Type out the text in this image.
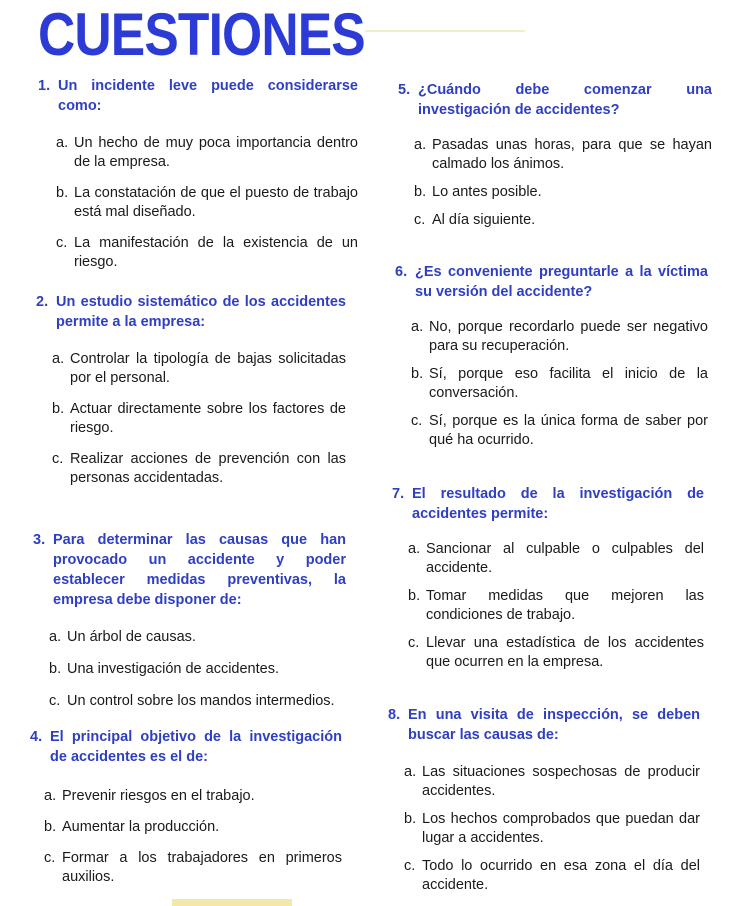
CUESTIONES
1. Un incidente leve puede considerarse como:
a. Un hecho de muy poca importancia dentro de la empresa.
b. La constatación de que el puesto de trabajo está mal diseñado.
c. La manifestación de la existencia de un riesgo.
2. Un estudio sistemático de los accidentes permite a la empresa:
a. Controlar la tipología de bajas solicitadas por el personal.
b. Actuar directamente sobre los factores de riesgo.
c. Realizar acciones de prevención con las personas accidentadas.
3. Para determinar las causas que han provocado un accidente y poder establecer medidas preventivas, la empresa debe disponer de:
a. Un árbol de causas.
b. Una investigación de accidentes.
c. Un control sobre los mandos intermedios.
4. El principal objetivo de la investigación de accidentes es el de:
a. Prevenir riesgos en el trabajo.
b. Aumentar la producción.
c. Formar a los trabajadores en primeros auxilios.
5. ¿Cuándo debe comenzar una investigación de accidentes?
a. Pasadas unas horas, para que se hayan calmado los ánimos.
b. Lo antes posible.
c. Al día siguiente.
6. ¿Es conveniente preguntarle a la víctima su versión del accidente?
a. No, porque recordarlo puede ser negativo para su recuperación.
b. Sí, porque eso facilita el inicio de la conversación.
c. Sí, porque es la única forma de saber por qué ha ocurrido.
7. El resultado de la investigación de accidentes permite:
a. Sancionar al culpable o culpables del accidente.
b. Tomar medidas que mejoren las condiciones de trabajo.
c. Llevar una estadística de los accidentes que ocurren en la empresa.
8. En una visita de inspección, se deben buscar las causas de:
a. Las situaciones sospechosas de producir accidentes.
b. Los hechos comprobados que puedan dar lugar a accidentes.
c. Todo lo ocurrido en esa zona el día del accidente.
